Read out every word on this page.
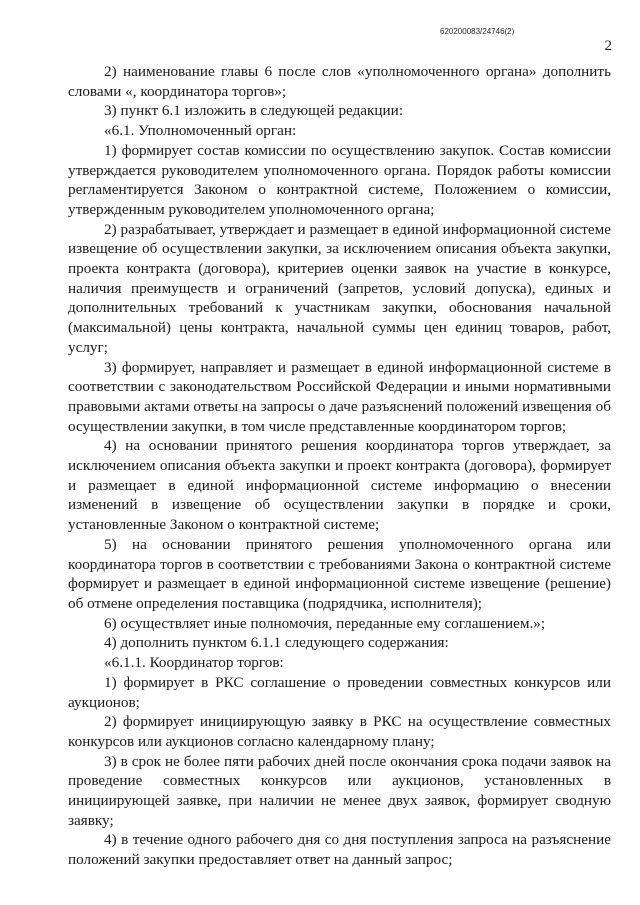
620200083/24746(2)
2

2) наименование главы 6 после слов «уполномоченного органа» дополнить словами «, координатора торгов»;

3) пункт 6.1 изложить в следующей редакции:

«6.1. Уполномоченный орган:

1) формирует состав комиссии по осуществлению закупок. Состав комиссии утверждается руководителем уполномоченного органа. Порядок работы комиссии регламентируется Законом о контрактной системе, Положением о комиссии, утвержденным руководителем уполномоченного органа;

2) разрабатывает, утверждает и размещает в единой информационной системе извещение об осуществлении закупки, за исключением описания объекта закупки, проекта контракта (договора), критериев оценки заявок на участие в конкурсе, наличия преимуществ и ограничений (запретов, условий допуска), единых и дополнительных требований к участникам закупки, обоснования начальной (максимальной) цены контракта, начальной суммы цен единиц товаров, работ, услуг;

3) формирует, направляет и размещает в единой информационной системе в соответствии с законодательством Российской Федерации и иными нормативными правовыми актами ответы на запросы о даче разъяснений положений извещения об осуществлении закупки, в том числе представленные координатором торгов;

4) на основании принятого решения координатора торгов утверждает, за исключением описания объекта закупки и проект контракта (договора), формирует и размещает в единой информационной системе информацию о внесении изменений в извещение об осуществлении закупки в порядке и сроки, установленные Законом о контрактной системе;

5) на основании принятого решения уполномоченного органа или координатора торгов в соответствии с требованиями Закона о контрактной системе формирует и размещает в единой информационной системе извещение (решение) об отмене определения поставщика (подрядчика, исполнителя);

6) осуществляет иные полномочия, переданные ему соглашением.»;

4) дополнить пунктом 6.1.1 следующего содержания:

«6.1.1. Координатор торгов:

1) формирует в РКС соглашение о проведении совместных конкурсов или аукционов;

2) формирует инициирующую заявку в РКС на осуществление совместных конкурсов или аукционов согласно календарному плану;

3) в срок не более пяти рабочих дней после окончания срока подачи заявок на проведение совместных конкурсов или аукционов, установленных в инициирующей заявке, при наличии не менее двух заявок, формирует сводную заявку;

4) в течение одного рабочего дня со дня поступления запроса на разъяснение положений закупки предоставляет ответ на данный запрос;
